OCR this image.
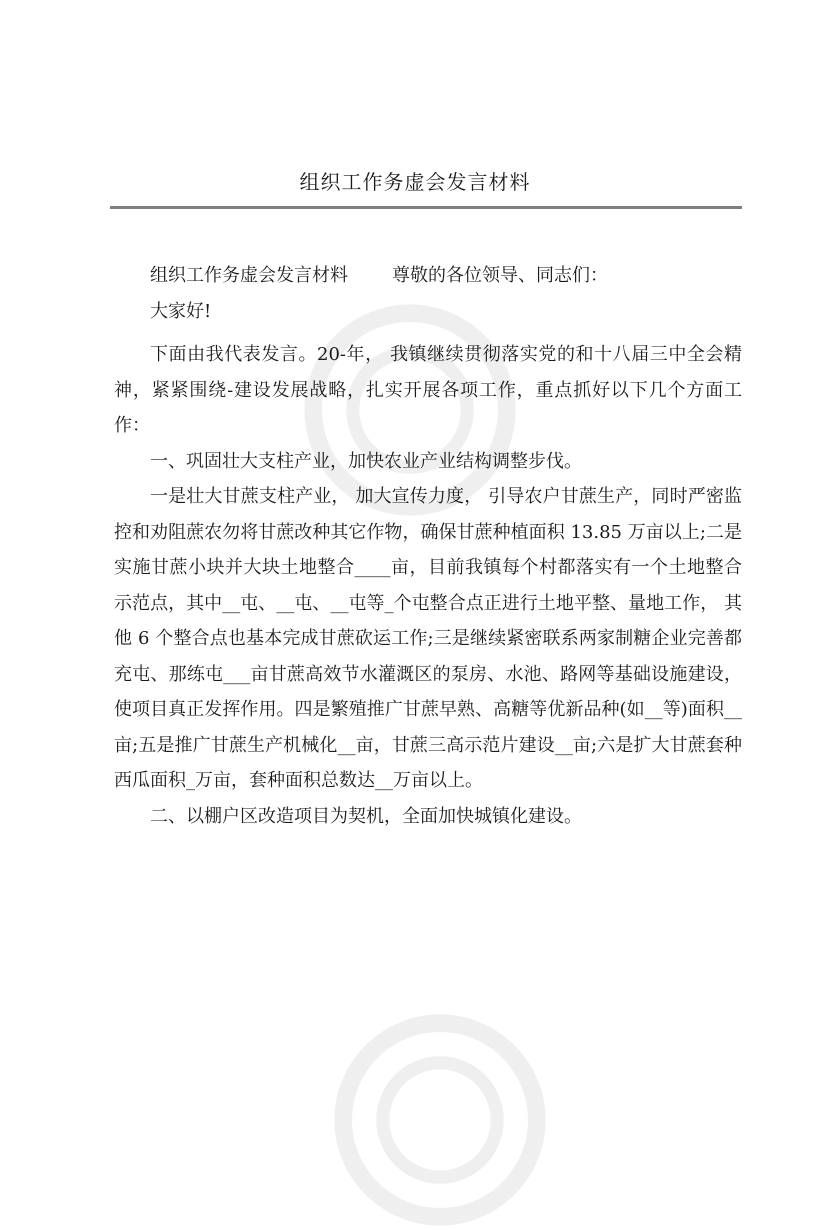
组织工作务虚会发言材料

组织工作务虚会发言材料 尊敬的各位领导、同志们：

大家好!

下面由我代表发言。20-年， 我镇继续贯彻落实党的和十八届三中全会精神，紧紧围绕-建设发展战略，扎实开展各项工作，重点抓好以下几个方面工作：

一、巩固壮大支柱产业，加快农业产业结构调整步伐。

一是壮大甘蔗支柱产业， 加大宣传力度， 引导农户甘蔗生产，同时严密监控和劝阻蔗农勿将甘蔗改种其它作物，确保甘蔗种植面积 13.85 万亩以上;二是实施甘蔗小块并大块土地整合____亩，目前我镇每个村都落实有一个土地整合示范点，其中__屯、__屯、__屯等_个屯整合点正进行土地平整、量地工作， 其他 6 个整合点也基本完成甘蔗砍运工作;三是继续紧密联系两家制糖企业完善都充屯、那练屯___亩甘蔗高效节水灌溉区的泵房、水池、路网等基础设施建设， 使项目真正发挥作用。四是繁殖推广甘蔗早熟、高糖等优新品种(如__等)面积__亩;五是推广甘蔗生产机械化__亩，甘蔗三高示范片建设__亩;六是扩大甘蔗套种西瓜面积_万亩，套种面积总数达__万亩以上。

二、以棚户区改造项目为契机，全面加快城镇化建设。
